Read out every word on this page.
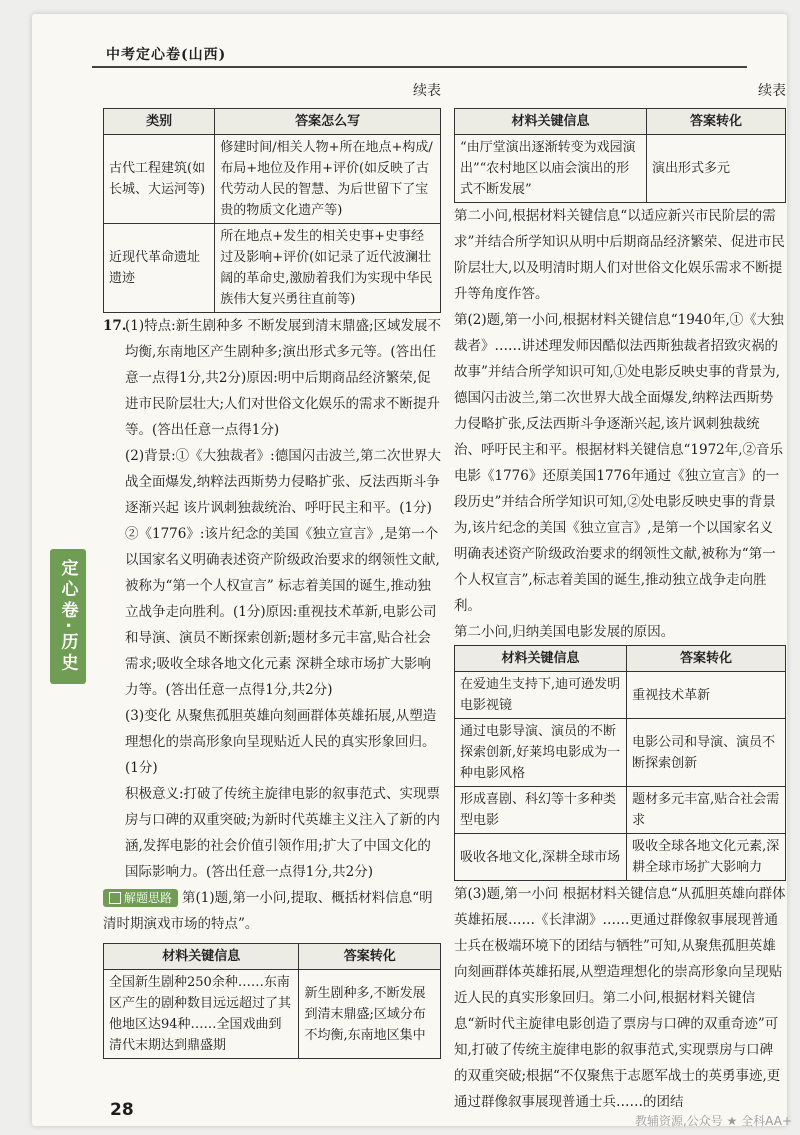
中考定心卷(山西)
定心卷·历史
续表
类别	答案怎么写
古代工程建筑(如长城、大运河等)	修建时间/相关人物+所在地点+构成/布局+地位及作用+评价(如反映了古代劳动人民的智慧、为后世留下了宝贵的物质文化遗产等)
近现代革命遗址遗迹	所在地点+发生的相关史事+史事经过及影响+评价(如记录了近代波澜壮阔的革命史,激励着我们为实现中华民族伟大复兴勇往直前等)

17.(1)特点:新生剧种多 不断发展到清末鼎盛;区域发展不均衡,东南地区产生剧种多;演出形式多元等。(答出任意一点得1分,共2分)原因:明中后期商品经济繁荣,促进市民阶层壮大;人们对世俗文化娱乐的需求不断提升等。(答出任意一点得1分)

(2)背景:①《大独裁者》:德国闪击波兰,第二次世界大战全面爆发,纳粹法西斯势力侵略扩张、反法西斯斗争逐渐兴起 该片讽刺独裁统治、呼吁民主和平。(1分)

②《1776》:该片纪念的美国《独立宣言》,是第一个以国家名义明确表述资产阶级政治要求的纲领性文献,被称为“第一个人权宣言” 标志着美国的诞生,推动独立战争走向胜利。(1分)原因:重视技术革新,电影公司和导演、演员不断探索创新;题材多元丰富,贴合社会需求;吸收全球各地文化元素 深耕全球市场扩大影响力等。(答出任意一点得1分,共2分)

(3)变化 从聚焦孤胆英雄向刻画群体英雄拓展,从塑造理想化的崇高形象向呈现贴近人民的真实形象回归。(1分)

积极意义:打破了传统主旋律电影的叙事范式、实现票房与口碑的双重突破;为新时代英雄主义注入了新的内涵,发挥电影的社会价值引领作用;扩大了中国文化的国际影响力。(答出任意一点得1分,共2分)

解题思路 第(1)题,第一小问,提取、概括材料信息“明清时期演戏市场的特点”。

材料关键信息	答案转化
全国新生剧种250余种……东南区产生的剧种数目远远超过了其他地区达94种……全国戏曲到清代末期达到鼎盛期	新生剧种多,不断发展到清末鼎盛;区域分布不均衡,东南地区集中
续表
材料关键信息	答案转化
“由厅堂演出逐渐转变为戏园演出”“农村地区以庙会演出的形式不断发展”	演出形式多元

第二小问,根据材料关键信息“以适应新兴市民阶层的需求”并结合所学知识从明中后期商品经济繁荣、促进市民阶层壮大,以及明清时期人们对世俗文化娱乐需求不断提升等角度作答。

第(2)题,第一小问,根据材料关键信息“1940年,①《大独裁者》……讲述理发师因酷似法西斯独裁者招致灾祸的故事”并结合所学知识可知,①处电影反映史事的背景为,德国闪击波兰,第二次世界大战全面爆发,纳粹法西斯势力侵略扩张,反法西斯斗争逐渐兴起,该片讽刺独裁统治、呼吁民主和平。根据材料关键信息“1972年,②音乐电影《1776》还原美国1776年通过《独立宣言》的一段历史”并结合所学知识可知,②处电影反映史事的背景为,该片纪念的美国《独立宣言》,是第一个以国家名义明确表述资产阶级政治要求的纲领性文献,被称为“第一个人权宣言”,标志着美国的诞生,推动独立战争走向胜利。

第二小问,归纳美国电影发展的原因。

材料关键信息	答案转化
在爱迪生支持下,迪可逊发明电影视镜	重视技术革新
通过电影导演、演员的不断探索创新,好莱坞电影成为一种电影风格	电影公司和导演、演员不断探索创新
形成喜剧、科幻等十多种类型电影	题材多元丰富,贴合社会需求
吸收各地文化,深耕全球市场	吸收全球各地文化元素,深耕全球市场扩大影响力

第(3)题,第一小问 根据材料关键信息“从孤胆英雄向群体英雄拓展……《长津湖》……更通过群像叙事展现普通士兵在极端环境下的团结与牺牲”可知,从聚焦孤胆英雄向刻画群体英雄拓展,从塑造理想化的崇高形象向呈现贴近人民的真实形象回归。第二小问,根据材料关键信息“新时代主旋律电影创造了票房与口碑的双重奇迹”可知,打破了传统主旋律电影的叙事范式,实现票房与口碑的双重突破;根据“不仅聚焦于志愿军战士的英勇事迹,更通过群像叙事展现普通士兵……的团结

28
教辅资源,公众号 ★ 全科AA+
